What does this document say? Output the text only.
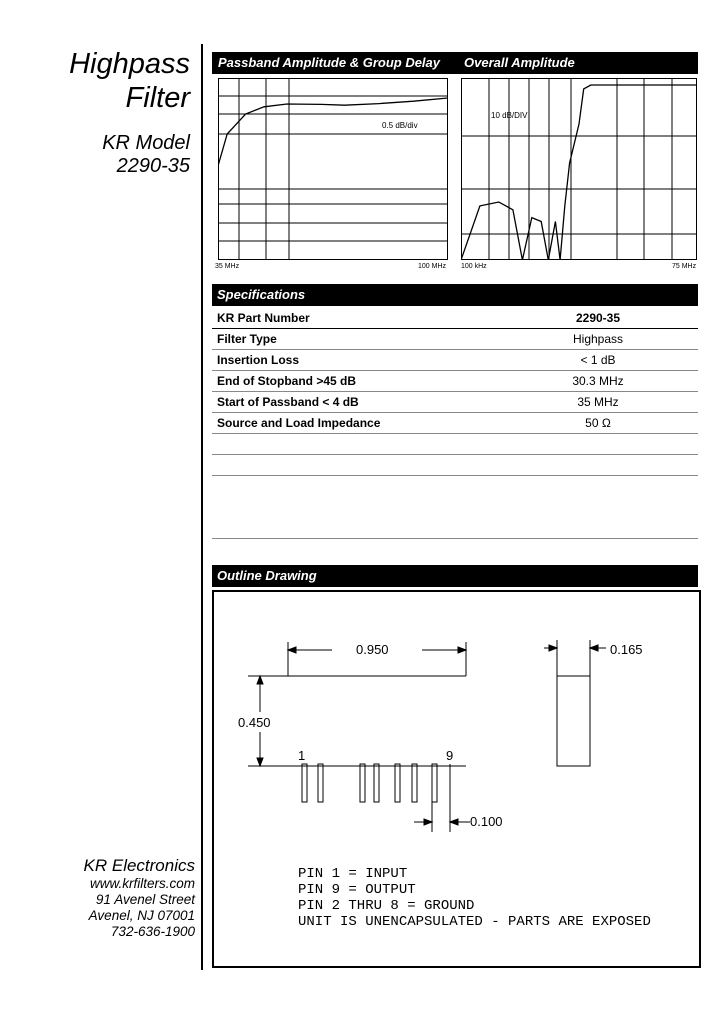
Highpass
Filter
KR Model
2290-35
Passband Amplitude & Group Delay Overall Amplitude
0.5 dB/div
35 MHz	100 MHz
10 dB/DIV
100 kHz	75 MHz
Specifications
KR Part Number	2290-35
Filter Type	Highpass
Insertion Loss	< 1 dB
End of Stopband >45 dB	30.3 MHz
Start of Passband < 4 dB	35 MHz
Source and Load Impedance	50 Ω

Outline Drawing
0.950
0.450
0.165
0.100
1	9
PIN 1 = INPUT
PIN 9 = OUTPUT
PIN 2 THRU 8 = GROUND
UNIT IS UNENCAPSULATED - PARTS ARE EXPOSED
KR Electronics
www.krfilters.com
91 Avenel Street
Avenel, NJ 07001
732-636-1900
